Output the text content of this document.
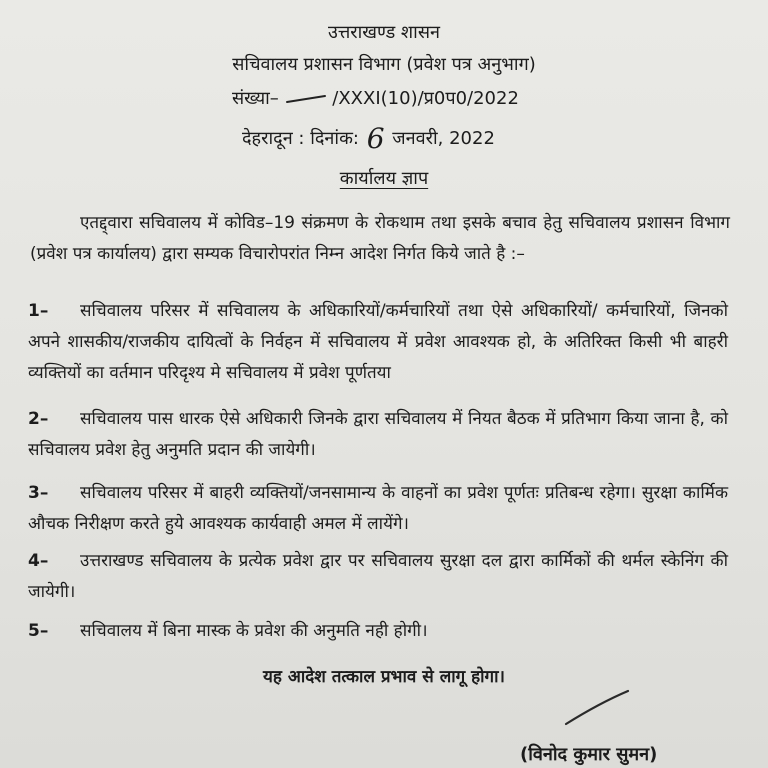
उत्तराखण्ड शासन
सचिवालय प्रशासन विभाग (प्रवेश पत्र अनुभाग)
संख्या–	/XXXI(10)/प्र0प0/2022
देहरादून : दिनांक: 6 जनवरी, 2022
कार्यालय ज्ञाप
एतद्द्वारा सचिवालय में कोविड–19 संक्रमण के रोकथाम तथा इसके बचाव हेतु सचिवालय प्रशासन विभाग (प्रवेश पत्र कार्यालय) द्वारा सम्यक विचारोपरांत निम्न आदेश निर्गत किये जाते है :–
1–	सचिवालय परिसर में सचिवालय के अधिकारियों/कर्मचारियों तथा ऐसे अधिकारियों/ कर्मचारियों, जिनको अपने शासकीय/राजकीय दायित्वों के निर्वहन में सचिवालय में प्रवेश आवश्यक हो, के अतिरिक्त किसी भी बाहरी व्यक्तियों का वर्तमान परिदृश्य मे सचिवालय में प्रवेश पूर्णतया
2–	सचिवालय पास धारक ऐसे अधिकारी जिनके द्वारा सचिवालय में नियत बैठक में प्रतिभाग किया जाना है, को सचिवालय प्रवेश हेतु अनुमति प्रदान की जायेगी।
3–	सचिवालय परिसर में बाहरी व्यक्तियों/जनसामान्य के वाहनों का प्रवेश पूर्णतः प्रतिबन्ध रहेगा। सुरक्षा कार्मिक औचक निरीक्षण करते हुये आवश्यक कार्यवाही अमल में लायेंगे।
4–	उत्तराखण्ड सचिवालय के प्रत्येक प्रवेश द्वार पर सचिवालय सुरक्षा दल द्वारा कार्मिकों की थर्मल स्केनिंग की जायेगी।
5–	सचिवालय में बिना मास्क के प्रवेश की अनुमति नही होगी।
यह आदेश तत्काल प्रभाव से लागू होगा।
(विनोद कुमार सुमन)
